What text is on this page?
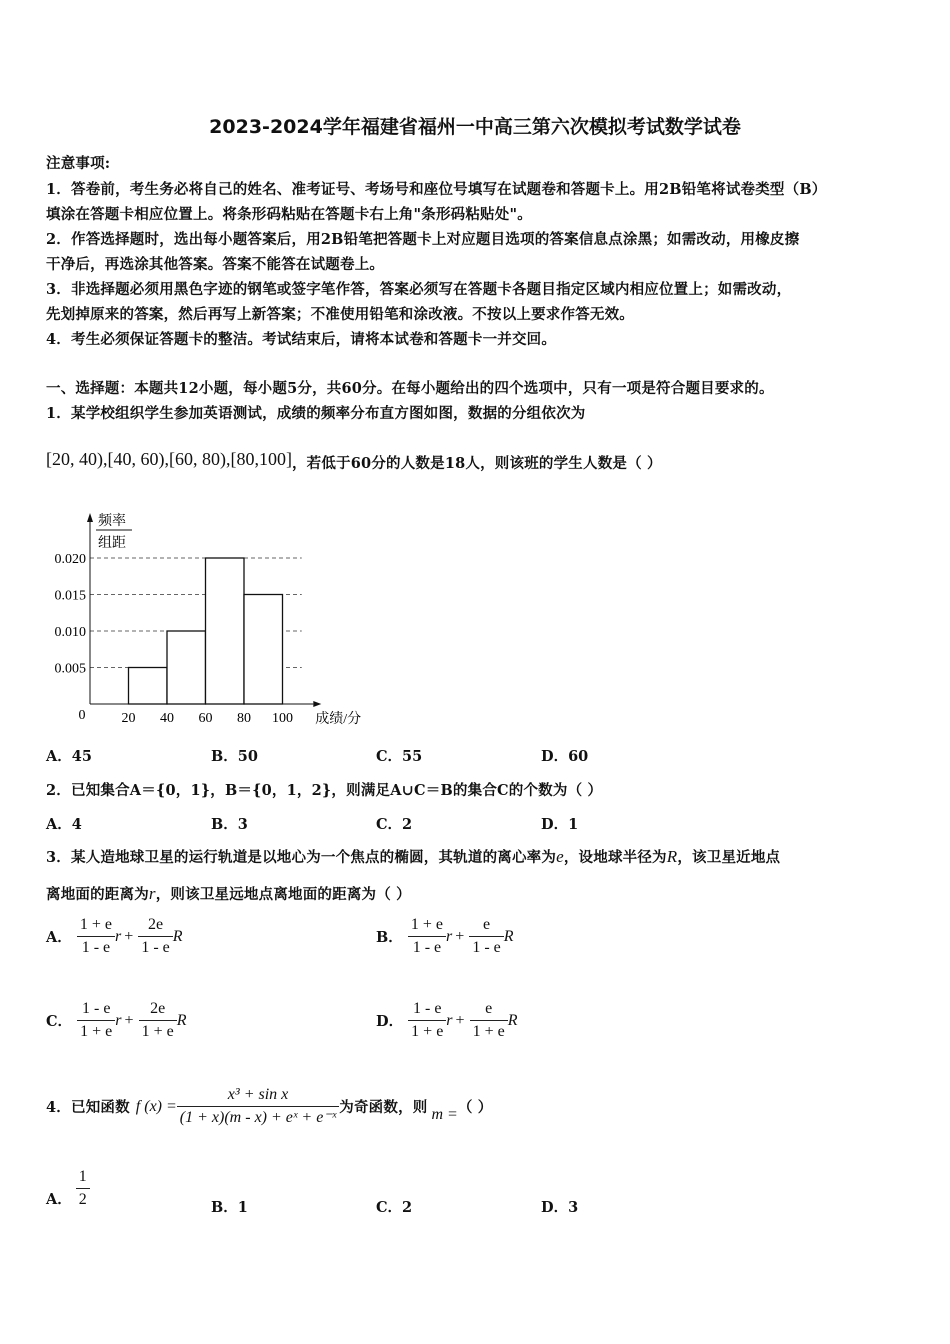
2023-2024学年福建省福州一中高三第六次模拟考试数学试卷
注意事项:
1．答卷前，考生务必将自己的姓名、准考证号、考场号和座位号填写在试题卷和答题卡上。用2B铅笔将试卷类型（B）
填涂在答题卡相应位置上。将条形码粘贴在答题卡右上角"条形码粘贴处"。
2．作答选择题时，选出每小题答案后，用2B铅笔把答题卡上对应题目选项的答案信息点涂黑；如需改动，用橡皮擦
干净后，再选涂其他答案。答案不能答在试题卷上。
3．非选择题必须用黑色字迹的钢笔或签字笔作答，答案必须写在答题卡各题目指定区域内相应位置上；如需改动，
先划掉原来的答案，然后再写上新答案；不准使用铅笔和涂改液。不按以上要求作答无效。
4．考生必须保证答题卡的整洁。考试结束后，请将本试卷和答题卡一并交回。
一、选择题：本题共12小题，每小题5分，共60分。在每小题给出的四个选项中，只有一项是符合题目要求的。
1．某学校组织学生参加英语测试，成绩的频率分布直方图如图，数据的分组依次为
[20, 40),[40, 60),[60, 80),[80,100]，若低于60分的人数是18人，则该班的学生人数是（ ）
0.005
0.010
0.015
0.020
20 40 60 80 100
0	成绩/分
频率
组距
A．45	B．50	C．55	D．60
2．已知集合A＝{0，1}，B＝{0，1，2}，则满足A∪C＝B的集合C的个数为（ ）
A．4	B．3	C．2	D．1
3．某人造地球卫星的运行轨道是以地心为一个焦点的椭圆，其轨道的离心率为e，设地球半径为R，该卫星近地点
离地面的距离为r，则该卫星远地点离地面的距离为（ ）
A． $\frac{1 + e}{1 - e}$ r +
$\frac{2e}{1 - e}$ R	B． $\frac{1 + e}{1 - e}$ r +
$\frac{e}{1 - e}$ R
C． $\frac{1 - e}{1 + e}$ r +
$\frac{2e}{1 + e}$ R	D． $\frac{1 - e}{1 + e}$ r +
$\frac{e}{1 + e}$ R
4．已知函数 f $(x) = \frac{\text{x³ + sin x}}{\text{(1 + x)(m - x) + eˣ + e⁻ˣ}}$ 为奇函数，则 m = （ ）
A． $\frac{1}{2}$	B．1	C．2	D．3
